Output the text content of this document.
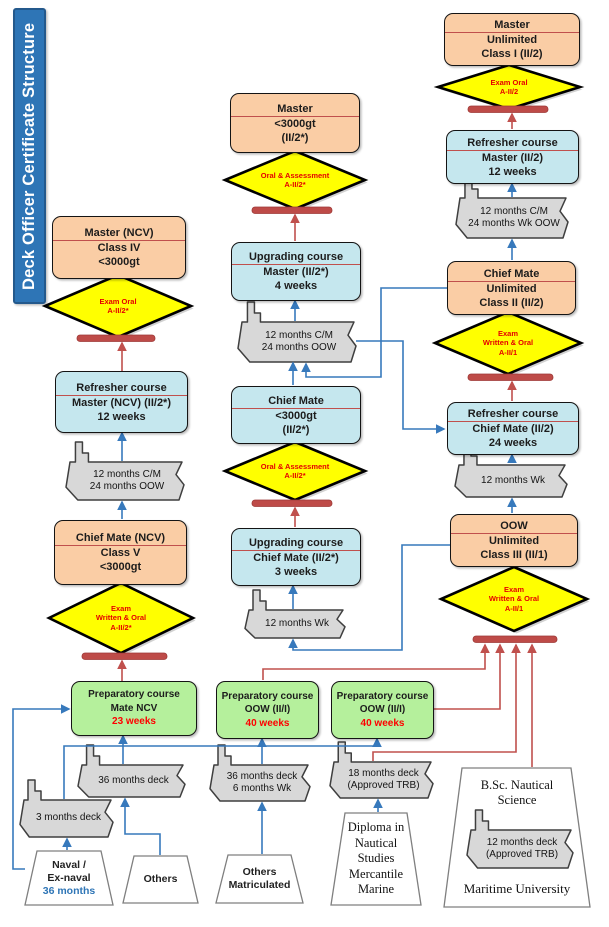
Deck Officer Certificate Structure	Master (NCV)
Class IV
<3000gt
Refresher course
Master (NCV) (II/2*)
12 weeks
Chief Mate (NCV)
Class V
<3000gt
Preparatory course
Mate NCV
23 weeks
Master
<3000gt
(II/2*)
Upgrading course
Master (II/2*)
4 weeks
Chief Mate
<3000gt
(II/2*)
Upgrading course
Chief Mate (II/2*)
3 weeks
Preparatory course
OOW (II/I)
40 weeks
Preparatory course
OOW (II/I)
40 weeks
Master
Unlimited
Class I (II/2)
Refresher course
Master (II/2)
12 weeks
Chief Mate
Unlimited
Class II (II/2)
Refresher course
Chief Mate (II/2)
24 weeks
OOW
Unlimited
Class III (II/1)
Exam Oral
A-II/2*
Exam
Written & Oral
A-II/2*
Oral & Assessment
A-II/2*
Oral & Assessment
A-II/2*
Exam Oral
A-II/2
Exam
Written & Oral
A-II/1
Exam
Written & Oral
A-II/1
12 months C/M
24 months OOW
12 months C/M
24 months OOW
12 months Wk
12 months C/M
24 months Wk OOW
12 months Wk
3 months deck
36 months deck	36 months deck
6 months Wk
18 months deck
(Approved TRB)
12 months deck
(Approved TRB)
Naval /
Ex-naval
36 months
Others
Others
Matriculated
Diploma in
Nautical
Studies
Mercantile
Marine
B.Sc. Nautical
Science
Maritime University
